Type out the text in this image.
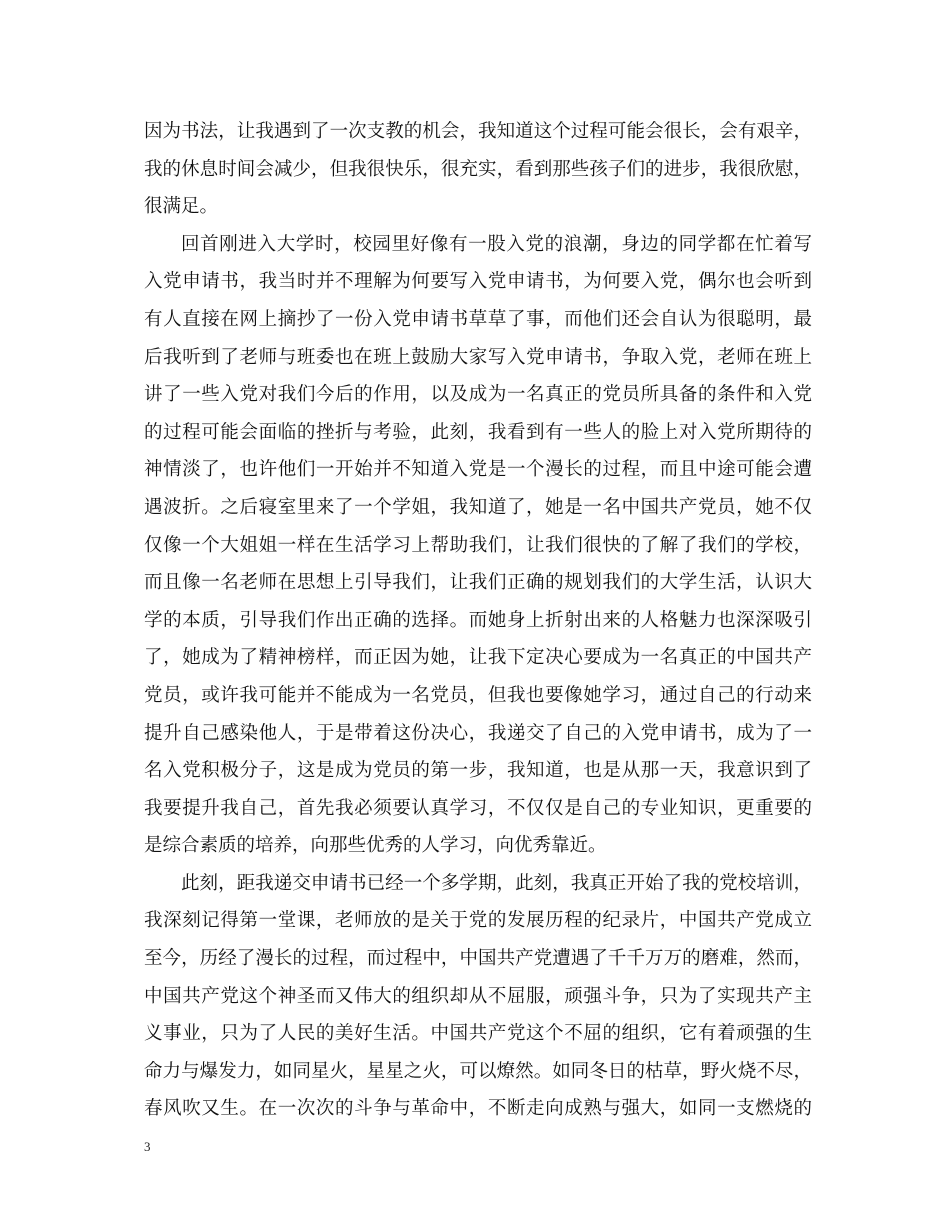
因为书法，让我遇到了一次支教的机会，我知道这个过程可能会很长，会有艰辛，
我的休息时间会减少，但我很快乐，很充实，看到那些孩子们的进步，我很欣慰，
很满足。
回首刚进入大学时，校园里好像有一股入党的浪潮，身边的同学都在忙着写
入党申请书，我当时并不理解为何要写入党申请书，为何要入党，偶尔也会听到
有人直接在网上摘抄了一份入党申请书草草了事，而他们还会自认为很聪明，最
后我听到了老师与班委也在班上鼓励大家写入党申请书，争取入党，老师在班上
讲了一些入党对我们今后的作用，以及成为一名真正的党员所具备的条件和入党
的过程可能会面临的挫折与考验，此刻，我看到有一些人的脸上对入党所期待的
神情淡了，也许他们一开始并不知道入党是一个漫长的过程，而且中途可能会遭
遇波折。之后寝室里来了一个学姐，我知道了，她是一名中国共产党员，她不仅
仅像一个大姐姐一样在生活学习上帮助我们，让我们很快的了解了我们的学校，
而且像一名老师在思想上引导我们，让我们正确的规划我们的大学生活，认识大
学的本质，引导我们作出正确的选择。而她身上折射出来的人格魅力也深深吸引
了，她成为了精神榜样，而正因为她，让我下定决心要成为一名真正的中国共产
党员，或许我可能并不能成为一名党员，但我也要像她学习，通过自己的行动来
提升自己感染他人，于是带着这份决心，我递交了自己的入党申请书，成为了一
名入党积极分子，这是成为党员的第一步，我知道，也是从那一天，我意识到了
我要提升我自己，首先我必须要认真学习，不仅仅是自己的专业知识，更重要的
是综合素质的培养，向那些优秀的人学习，向优秀靠近。
此刻，距我递交申请书已经一个多学期，此刻，我真正开始了我的党校培训，
我深刻记得第一堂课，老师放的是关于党的发展历程的纪录片，中国共产党成立
至今，历经了漫长的过程，而过程中，中国共产党遭遇了千千万万的磨难，然而，
中国共产党这个神圣而又伟大的组织却从不屈服，顽强斗争，只为了实现共产主
义事业，只为了人民的美好生活。中国共产党这个不屈的组织，它有着顽强的生
命力与爆发力，如同星火，星星之火，可以燎然。如同冬日的枯草，野火烧不尽，
春风吹又生。在一次次的斗争与革命中，不断走向成熟与强大，如同一支燃烧的
3
